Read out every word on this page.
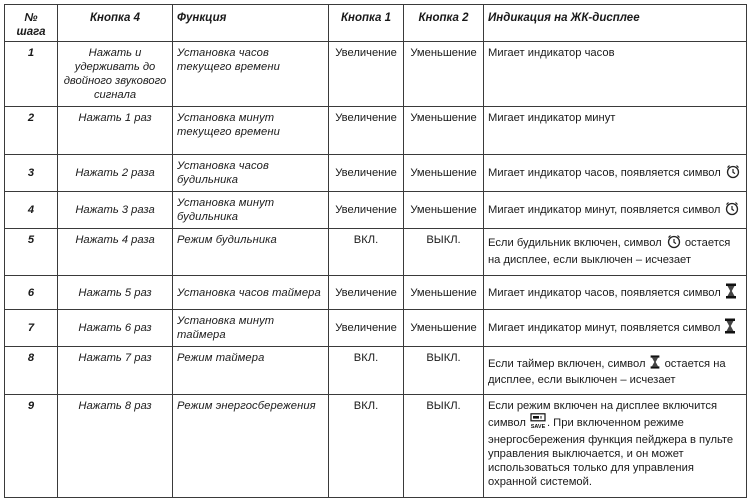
№ шага	Кнопка 4	Функция	Кнопка 1	Кнопка 2	Индикация на ЖК-дисплее
1	Нажать и удерживать до двойного звукового сигнала	Установка часов текущего времени	Увеличение	Уменьшение	Мигает индикатор часов
2	Нажать 1 раз	Установка минут текущего времени	Увеличение	Уменьшение	Мигает индикатор минут
3	Нажать 2 раза	Установка часов будильника	Увеличение	Уменьшение	Мигает индикатор часов, появляется символ
4	Нажать 3 раза	Установка минут будильника	Увеличение	Уменьшение	Мигает индикатор минут, появляется символ
5	Нажать 4 раза	Режим будильника	ВКЛ.	ВЫКЛ.	Если будильник включен, символ остается на дисплее, если выключен – исчезает
6	Нажать 5 раз	Установка часов таймера	Увеличение	Уменьшение	Мигает индикатор часов, появляется символ
7	Нажать 6 раз	Установка минут таймера	Увеличение	Уменьшение	Мигает индикатор минут, появляется символ
8	Нажать 7 раз	Режим таймера	ВКЛ.	ВЫКЛ.	Если таймер включен, символ остается на дисплее, если выключен – исчезает
9	Нажать 8 раз	Режим энергосбережения	ВКЛ.	ВЫКЛ.	Если режим включен на дисплее включится символ SAVE . При включенном режиме энергосбережения функция пейджера в пульте управления выключается, и он может использоваться только для управления охранной системой.
